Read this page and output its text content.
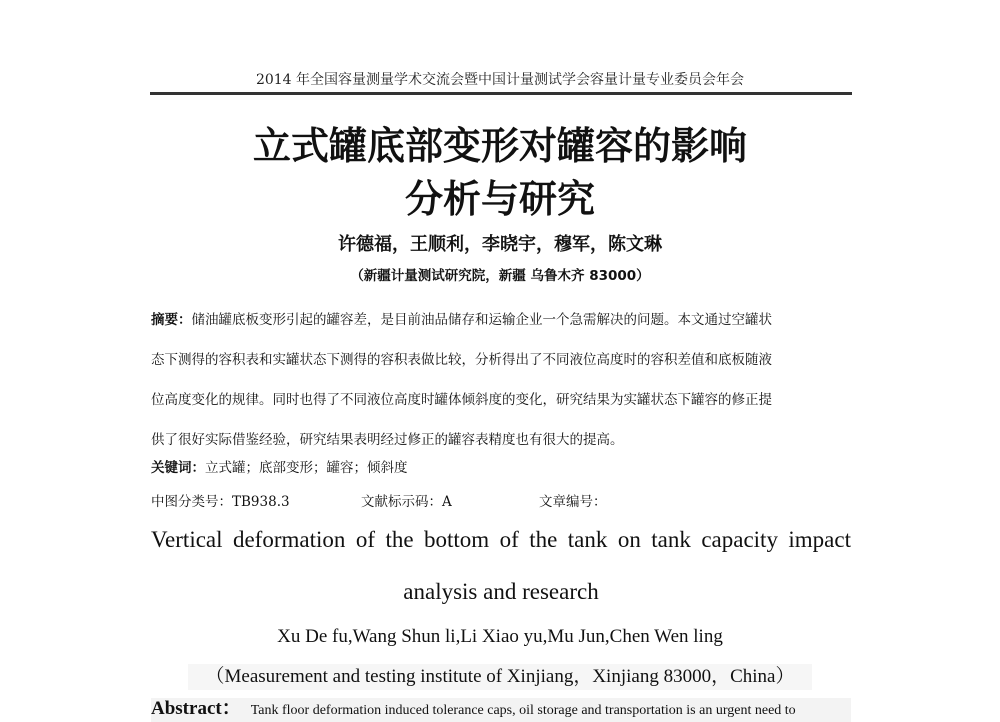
2014 年全国容量测量学术交流会暨中国计量测试学会容量计量专业委员会年会
立式罐底部变形对罐容的影响
分析与研究
许德福，王顺利，李晓宇，穆军，陈文琳
（新疆计量测试研究院，新疆 乌鲁木齐 83000）
摘要：储油罐底板变形引起的罐容差，是目前油品储存和运输企业一个急需解决的问题。本文通过空罐状
态下测得的容积表和实罐状态下测得的容积表做比较，分析得出了不同液位高度时的容积差值和底板随液
位高度变化的规律。同时也得了不同液位高度时罐体倾斜度的变化，研究结果为实罐状态下罐容的修正提
供了很好实际借鉴经验，研究结果表明经过修正的罐容表精度也有很大的提高。
关键词：立式罐；底部变形；罐容；倾斜度
中图分类号：TB938.3	文献标示码：A	文章编号：
Vertical deformation of the bottom of the tank on tank capacity impact
analysis and research
Xu De fu,Wang Shun li,Li Xiao yu,Mu Jun,Chen Wen ling
（Measurement and testing institute of Xinjiang，Xinjiang 83000，China）
Abstract： Tank floor deformation induced tolerance caps, oil storage and transportation is an urgent need to
